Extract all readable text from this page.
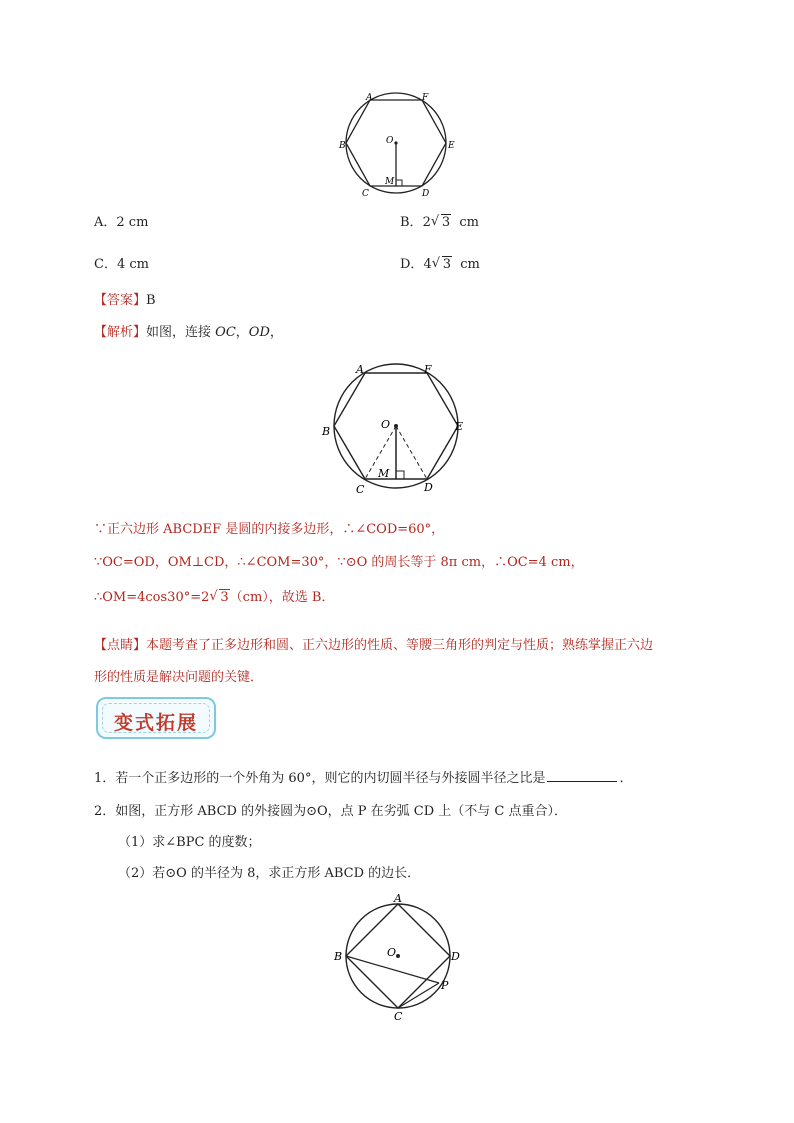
A	F
B	E
C	D
O
M
A．2 cm	B．2 √ 3 cm
C．4 cm	D．4 √ 3 cm
【答案】B
【解析】如图，连接 OC，OD，
A	F
B	E
C	D
O
M
∵正六边形 ABCDEF 是圆的内接多边形，∴∠COD=60°，
∵OC=OD，OM⊥CD，∴∠COM=30°，∵⊙O 的周长等于 8π cm，∴OC=4 cm，
∴OM=4cos30°=2 √ 3（cm），故选 B．
【点睛】本题考查了正多边形和圆、正六边形的性质、等腰三角形的判定与性质；熟练掌握正六边
形的性质是解决问题的关键．
变式拓展
1．若一个正多边形的一个外角为 60°，则它的内切圆半径与外接圆半径之比是	．
2．如图，正方形 ABCD 的外接圆为⊙O，点 P 在劣弧 CD 上（不与 C 点重合）．
（1）求∠BPC 的度数；
（2）若⊙O 的半径为 8，求正方形 ABCD 的边长．
A
B
C
D
O
P
